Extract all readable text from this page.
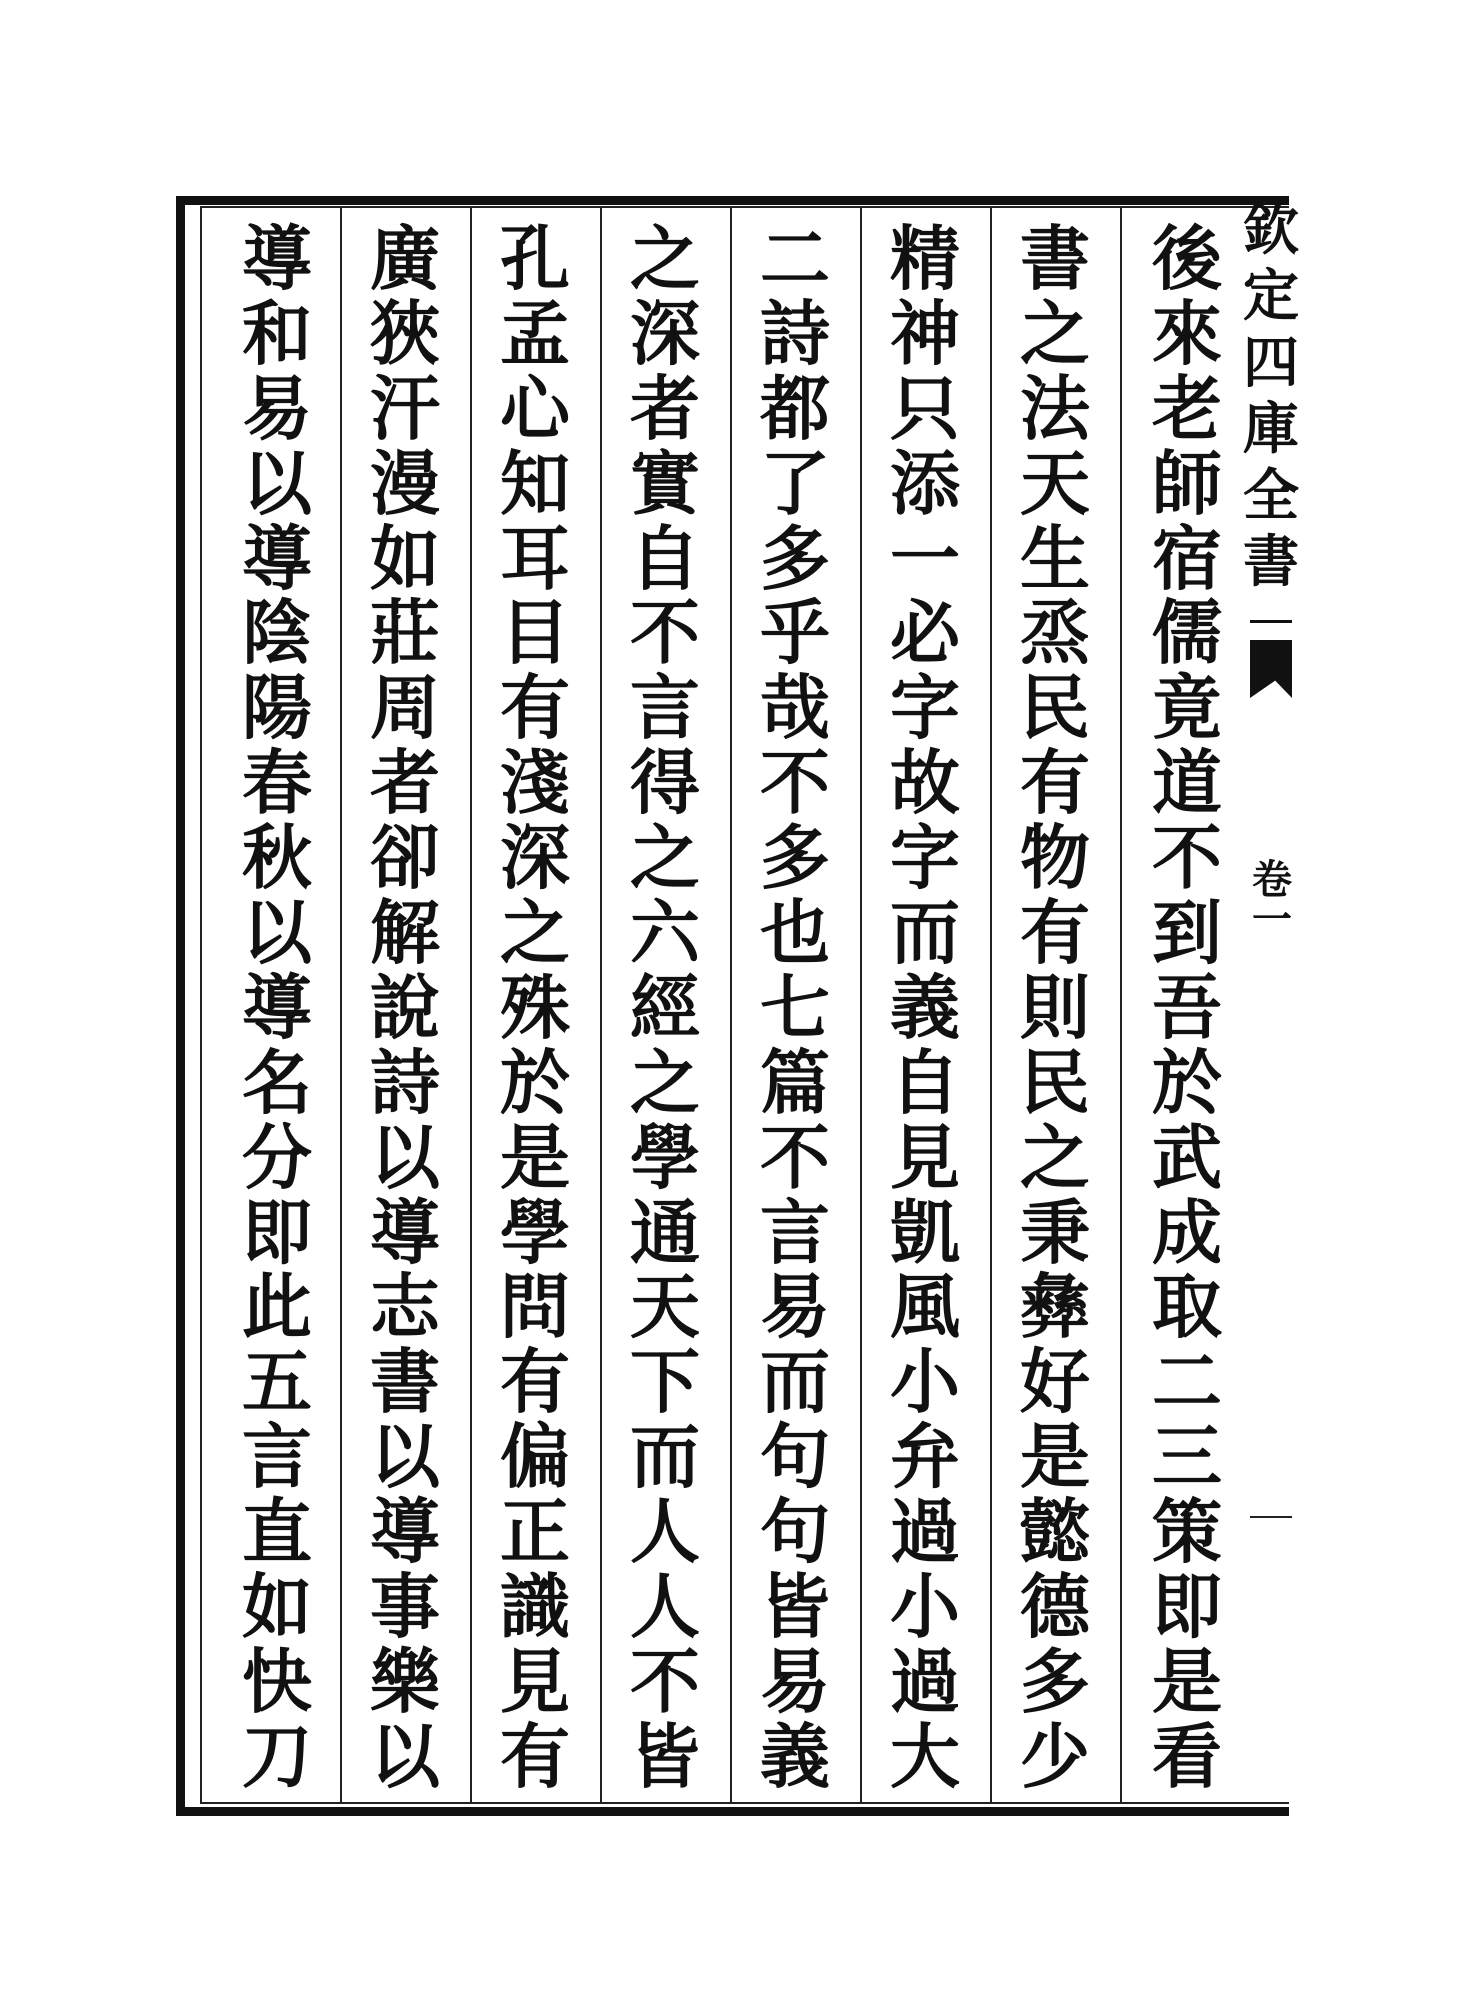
後
來
老
師
宿
儒
竟
道
不
到
吾
於
武
成
取
二
三
策
即
是
看
書
之
法
天
生
烝
民
有
物
有
則
民
之
秉
彝
好
是
懿
德
多
少
精
神
只
添
一
必
字
故
字
而
義
自
見
凱
風
小
弁
過
小
過
大
二
詩
都
了
多
乎
哉
不
多
也
七
篇
不
言
易
而
句
句
皆
易
義
之
深
者
實
自
不
言
得
之
六
經
之
學
通
天
下
而
人
人
不
皆
孔
孟
心
知
耳
目
有
淺
深
之
殊
於
是
學
問
有
偏
正
識
見
有
廣
狹
汗
漫
如
莊
周
者
卻
解
說
詩
以
導
志
書
以
導
事
樂
以
導
和
易
以
導
陰
陽
春
秋
以
導
名
分
即
此
五
言
直
如
快
刀
欽
定
四
庫
全
書
卷
一
